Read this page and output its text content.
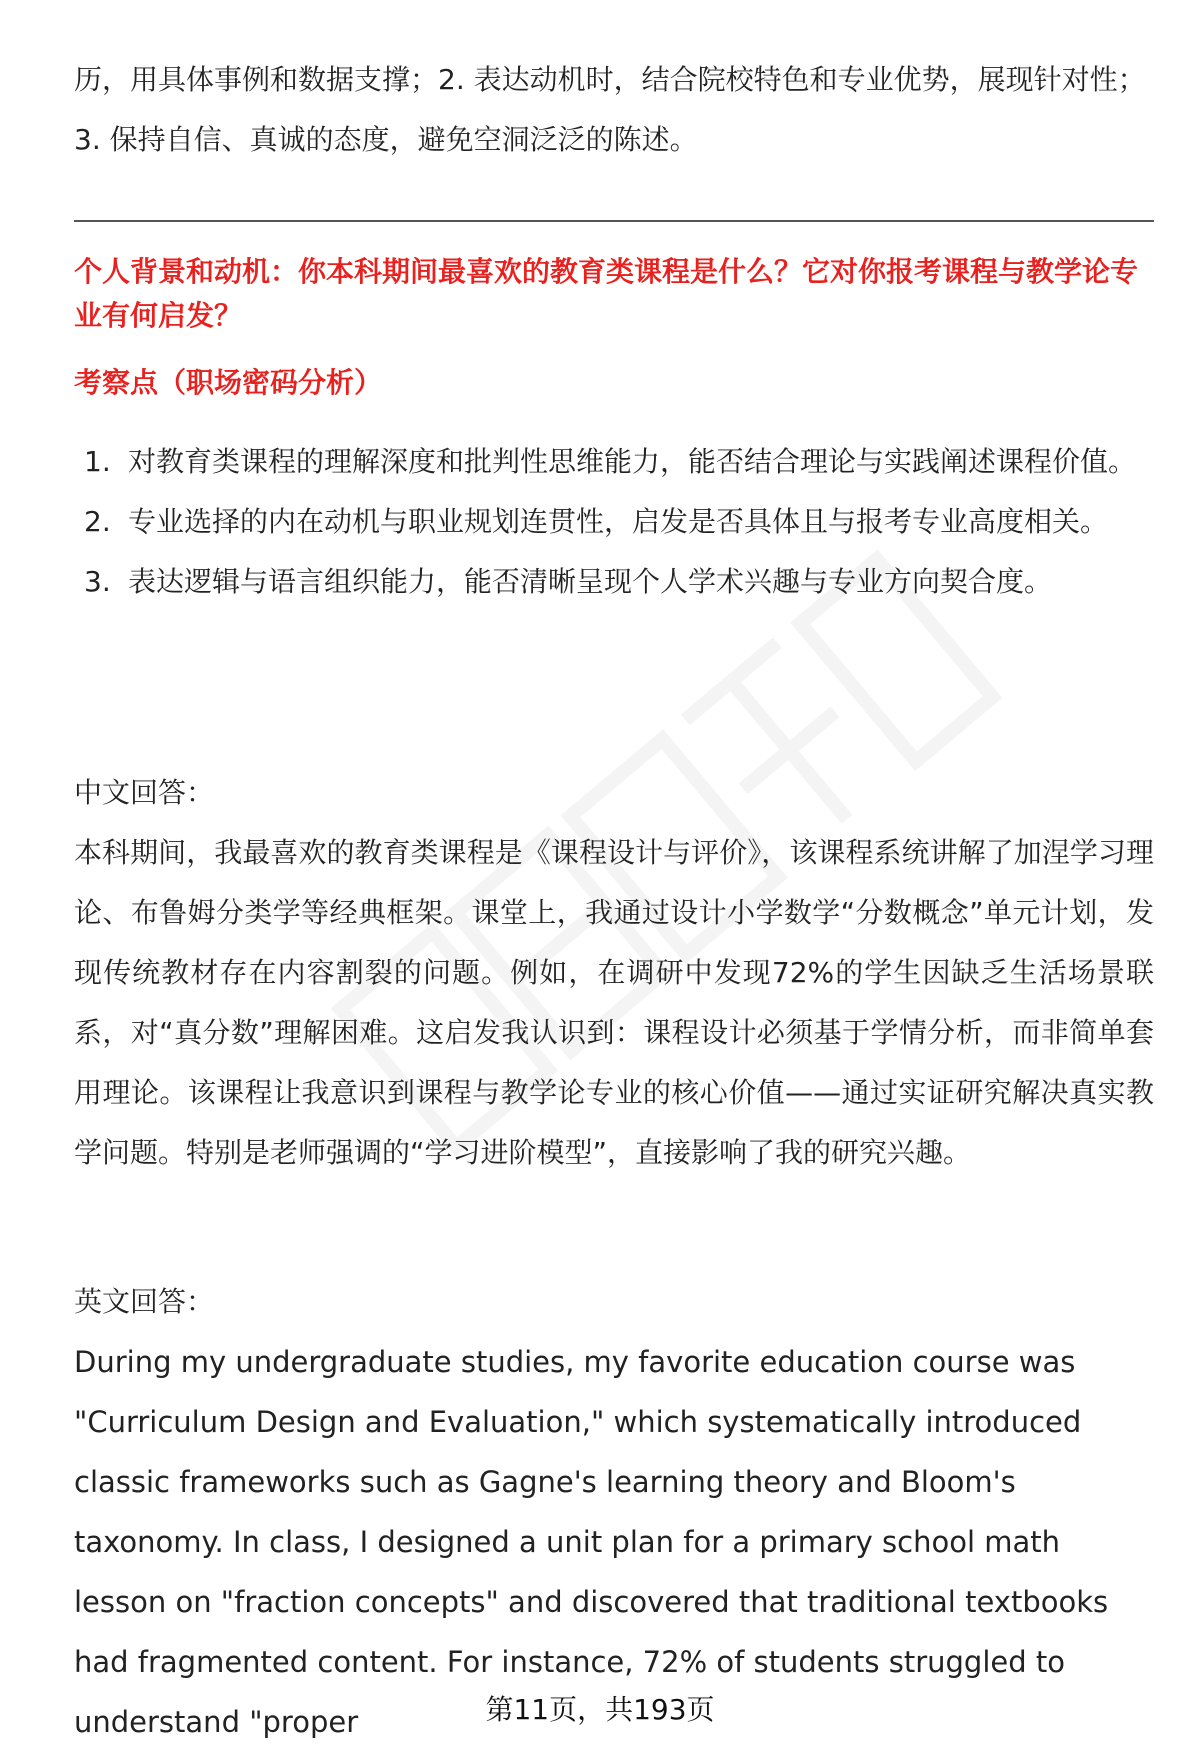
历，用具体事例和数据支撑；2. 表达动机时，结合院校特色和专业优势，展现针对性；3. 保持自信、真诚的态度，避免空洞泛泛的陈述。

个人背景和动机：你本科期间最喜欢的教育类课程是什么？它对你报考课程与教学论专业有何启发？
考察点（职场密码分析）
1. 对教育类课程的理解深度和批判性思维能力，能否结合理论与实践阐述课程价值。
2. 专业选择的内在动机与职业规划连贯性，启发是否具体且与报考专业高度相关。
3. 表达逻辑与语言组织能力，能否清晰呈现个人学术兴趣与专业方向契合度。

中文回答：

本科期间，我最喜欢的教育类课程是《课程设计与评价》，该课程系统讲解了加涅学习理论、布鲁姆分类学等经典框架。课堂上，我通过设计小学数学“分数概念”单元计划，发现传统教材存在内容割裂的问题。例如，在调研中发现72%的学生因缺乏生活场景联系，对“真分数”理解困难。这启发我认识到：课程设计必须基于学情分析，而非简单套用理论。该课程让我意识到课程与教学论专业的核心价值——通过实证研究解决真实教学问题。特别是老师强调的“学习进阶模型”，直接影响了我的研究兴趣。

英文回答：

During my undergraduate studies, my favorite education course was "Curriculum Design and Evaluation," which systematically introduced classic frameworks such as Gagne's learning theory and Bloom's taxonomy. In class, I designed a unit plan for a primary school math lesson on "fraction concepts" and discovered that traditional textbooks had fragmented content. For instance, 72% of students struggled to understand "proper	第11页，共193页
